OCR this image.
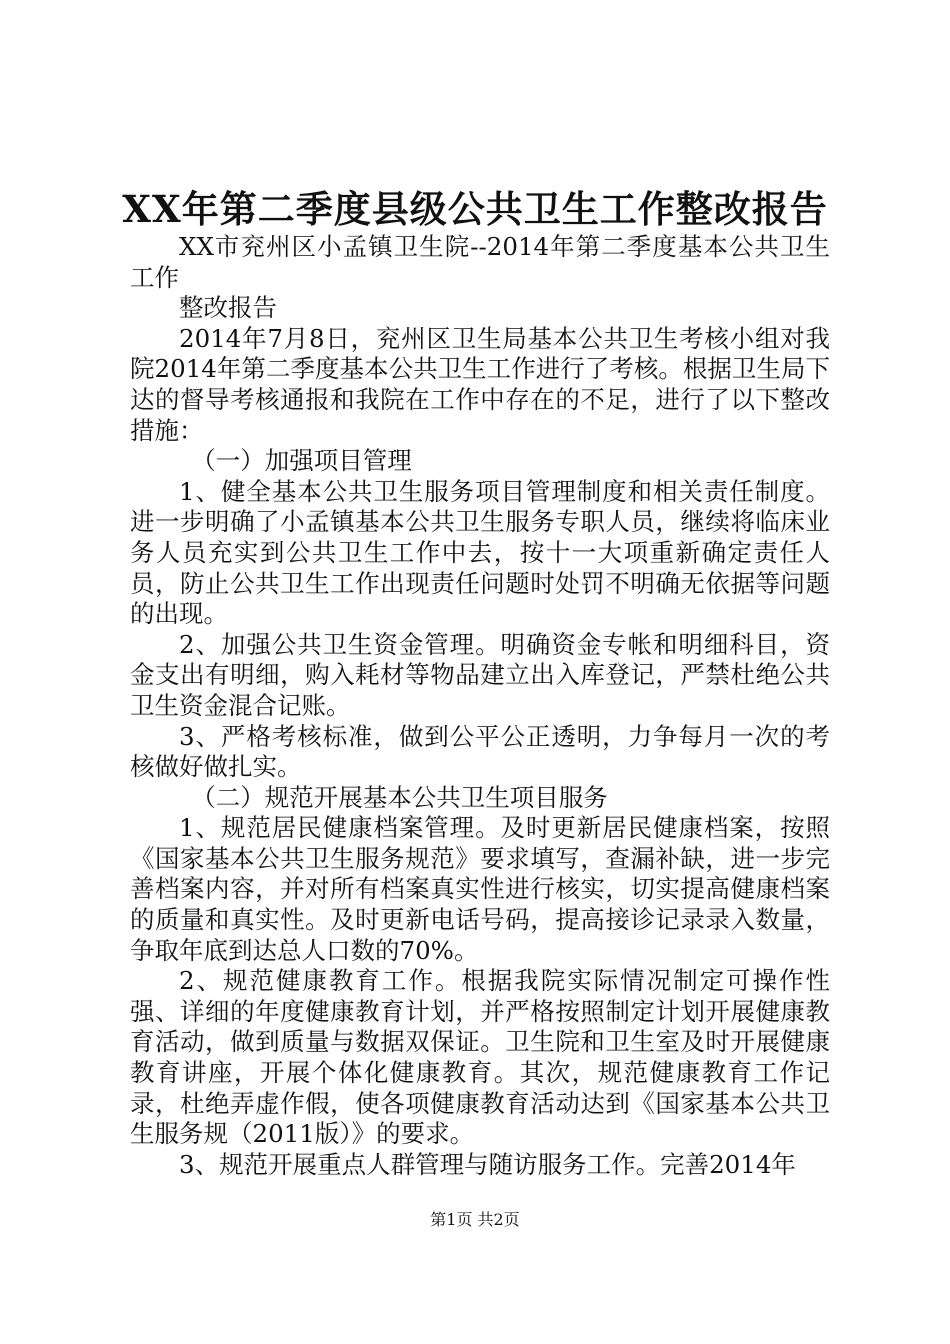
XX年第二季度县级公共卫生工作整改报告

XX市兖州区小孟镇卫生院--2014年第二季度基本公共卫生工作

整改报告

2014年7月8日，兖州区卫生局基本公共卫生考核小组对我院2014年第二季度基本公共卫生工作进行了考核。根据卫生局下达的督导考核通报和我院在工作中存在的不足，进行了以下整改措施：

（一）加强项目管理

1、健全基本公共卫生服务项目管理制度和相关责任制度。进一步明确了小孟镇基本公共卫生服务专职人员，继续将临床业务人员充实到公共卫生工作中去，按十一大项重新确定责任人员，防止公共卫生工作出现责任问题时处罚不明确无依据等问题的出现。

2、加强公共卫生资金管理。明确资金专帐和明细科目，资金支出有明细，购入耗材等物品建立出入库登记，严禁杜绝公共卫生资金混合记账。

3、严格考核标准，做到公平公正透明，力争每月一次的考核做好做扎实。

（二）规范开展基本公共卫生项目服务

1、规范居民健康档案管理。及时更新居民健康档案，按照《国家基本公共卫生服务规范》要求填写，查漏补缺，进一步完善档案内容，并对所有档案真实性进行核实，切实提高健康档案的质量和真实性。及时更新电话号码，提高接诊记录录入数量，争取年底到达总人口数的70%。

2、规范健康教育工作。根据我院实际情况制定可操作性强、详细的年度健康教育计划，并严格按照制定计划开展健康教育活动，做到质量与数据双保证。卫生院和卫生室及时开展健康教育讲座，开展个体化健康教育。其次，规范健康教育工作记录，杜绝弄虚作假，使各项健康教育活动达到《国家基本公共卫生服务规（2011版）》的要求。

3、规范开展重点人群管理与随访服务工作。完善2014年

第1页 共2页
